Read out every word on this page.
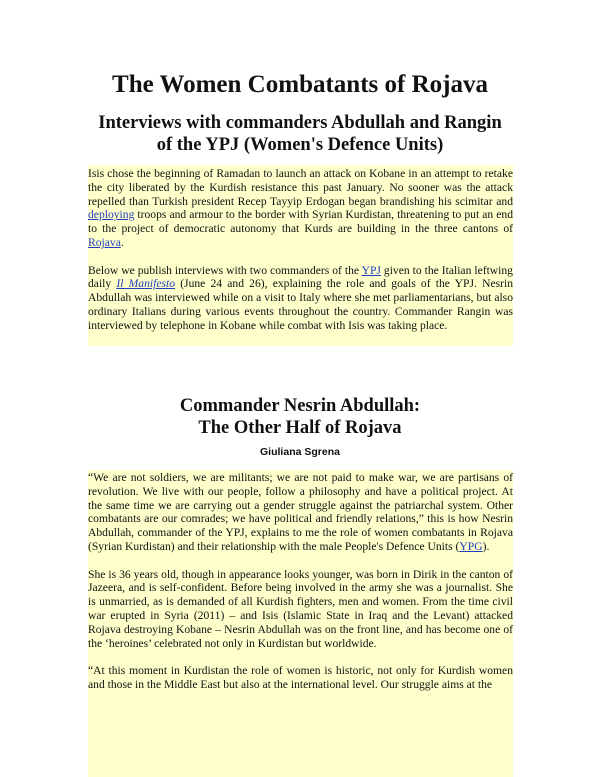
The Women Combatants of Rojava
Interviews with commanders Abdullah and Rangin
of the YPJ (Women's Defence Units)

Isis chose the beginning of Ramadan to launch an attack on Kobane in an attempt to retake the city liberated by the Kurdish resistance this past January. No sooner was the attack repelled than Turkish president Recep Tayyip Erdogan began brandishing his scimitar and deploying troops and armour to the border with Syrian Kurdistan, threatening to put an end to the project of democratic autonomy that Kurds are building in the three cantons of Rojava.

Below we publish interviews with two commanders of the YPJ given to the Italian leftwing daily Il Manifesto (June 24 and 26), explaining the role and goals of the YPJ. Nesrin Abdullah was interviewed while on a visit to Italy where she met parliamentarians, but also ordinary Italians during various events throughout the country. Commander Rangin was interviewed by telephone in Kobane while combat with Isis was taking place.

Commander Nesrin Abdullah:
The Other Half of Rojava
Giuliana Sgrena

“We are not soldiers, we are militants; we are not paid to make war, we are partisans of revolution. We live with our people, follow a philosophy and have a political project. At the same time we are carrying out a gender struggle against the patriarchal system. Other combatants are our comrades; we have political and friendly relations,” this is how Nesrin Abdullah, commander of the YPJ, explains to me the role of women combatants in Rojava (Syrian Kurdistan) and their relationship with the male People's Defence Units (YPG).

She is 36 years old, though in appearance looks younger, was born in Dirik in the canton of Jazeera, and is self-confident. Before being involved in the army she was a journalist. She is unmarried, as is demanded of all Kurdish fighters, men and women. From the time civil war erupted in Syria (2011) – and Isis (Islamic State in Iraq and the Levant) attacked Rojava destroying Kobane – Nesrin Abdullah was on the front line, and has become one of the ‘heroines’ celebrated not only in Kurdistan but worldwide.

“At this moment in Kurdistan the role of women is historic, not only for Kurdish women and those in the Middle East but also at the international level. Our struggle aims at the
